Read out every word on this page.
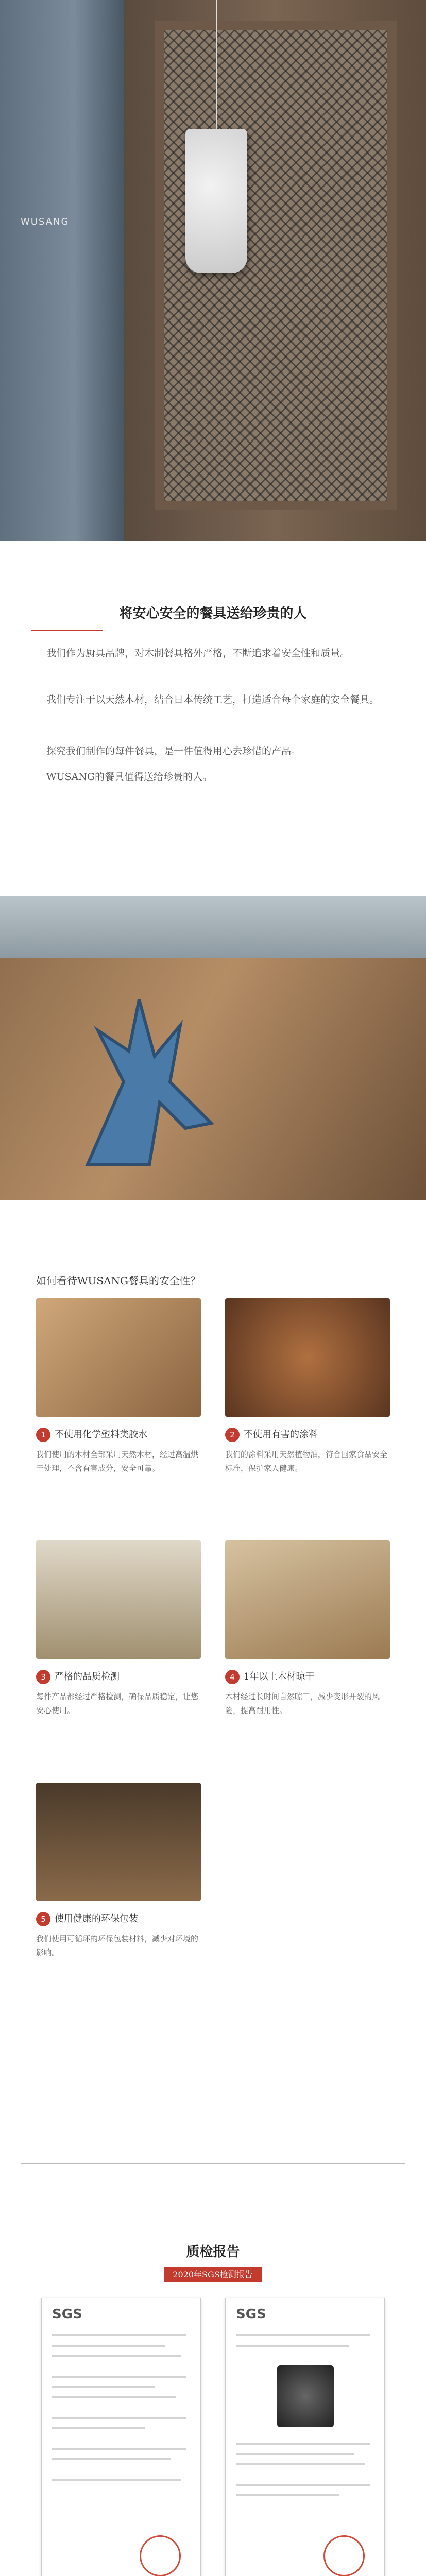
WUSANG
将安心安全的餐具送给珍贵的人
我们作为厨具品牌，对木制餐具格外严格，不断追求着安全性和质量。
我们专注于以天然木材，结合日本传统工艺，打造适合每个家庭的安全餐具。
探究我们制作的每件餐具，是一件值得用心去珍惜的产品。
WUSANG的餐具值得送给珍贵的人。
如何看待WUSANG餐具的安全性？
1 不使用化学塑料类胶水
我们使用的木材全部采用天然木材，经过高温烘干处理，不含有害成分，安全可靠。
2 不使用有害的涂料
我们的涂料采用天然植物油，符合国家食品安全标准，保护家人健康。
3 严格的品质检测
每件产品都经过严格检测，确保品质稳定，让您安心使用。
4 1年以上木材晾干
木材经过长时间自然晾干，减少变形开裂的风险，提高耐用性。
5 使用健康的环保包装
我们使用可循环的环保包装材料，减少对环境的影响。
质检报告
2020年SGS检测报告
SGS	SGS
